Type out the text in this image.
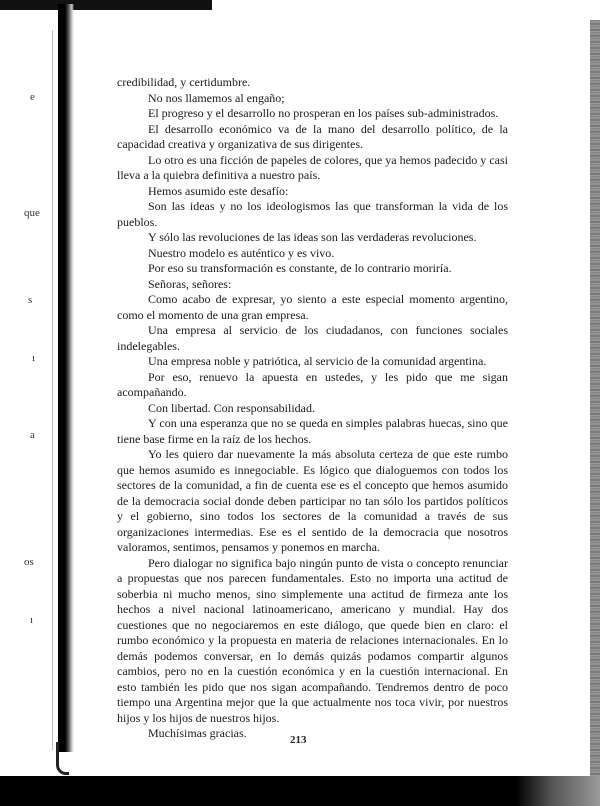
e
que
s
ı
a
os
ı

credibilidad, y certidumbre.

No nos llamemos al engaño;

El progreso y el desarrollo no prosperan en los países sub-administrados.

El desarrollo económico va de la mano del desarrollo político, de la capacidad creativa y organizativa de sus dirigentes.

Lo otro es una ficción de papeles de colores, que ya hemos padecido y casi lleva a la quiebra definitiva a nuestro país.

Hemos asumido este desafío:

Son las ideas y no los ideologismos las que transforman la vida de los pueblos.

Y sólo las revoluciones de las ideas son las verdaderas revoluciones.

Nuestro modelo es auténtico y es vivo.

Por eso su transformación es constante, de lo contrario moriría.

Señoras, señores:

Como acabo de expresar, yo siento a este especial momento argentino, como el momento de una gran empresa.

Una empresa al servicio de los ciudadanos, con funciones sociales indelegables.

Una empresa noble y patriótica, al servicio de la comunidad argentina.

Por eso, renuevo la apuesta en ustedes, y les pido que me sigan acompañando.

Con libertad. Con responsabilidad.

Y con una esperanza que no se queda en simples palabras huecas, sino que tiene base firme en la raíz de los hechos.

Yo les quiero dar nuevamente la más absoluta certeza de que este rumbo que hemos asumido es innegociable. Es lógico que dialoguemos con todos los sectores de la comunidad, a fin de cuenta ese es el concepto que hemos asumido de la democracia social donde deben participar no tan sólo los partidos políticos y el gobierno, sino todos los sectores de la comunidad a través de sus organizaciones intermedias. Ese es el sentido de la democracia que nosotros valoramos, sentimos, pensamos y ponemos en marcha.

Pero dialogar no significa bajo ningún punto de vista o concepto renunciar a propuestas que nos parecen fundamentales. Esto no importa una actitud de soberbia ni mucho menos, sino simplemente una actitud de firmeza ante los hechos a nivel nacional latinoamericano, americano y mundial. Hay dos cuestiones que no negociaremos en este diálogo, que quede bien en claro: el rumbo económico y la propuesta en materia de relaciones internacionales. En lo demás podemos conversar, en lo demás quizás podamos compartir algunos cambios, pero no en la cuestión económica y en la cuestión internacional. En esto también les pido que nos sigan acompañando. Tendremos dentro de poco tiempo una Argentina mejor que la que actualmente nos toca vivir, por nuestros hijos y los hijos de nuestros hijos.

Muchísimas gracias.	213
